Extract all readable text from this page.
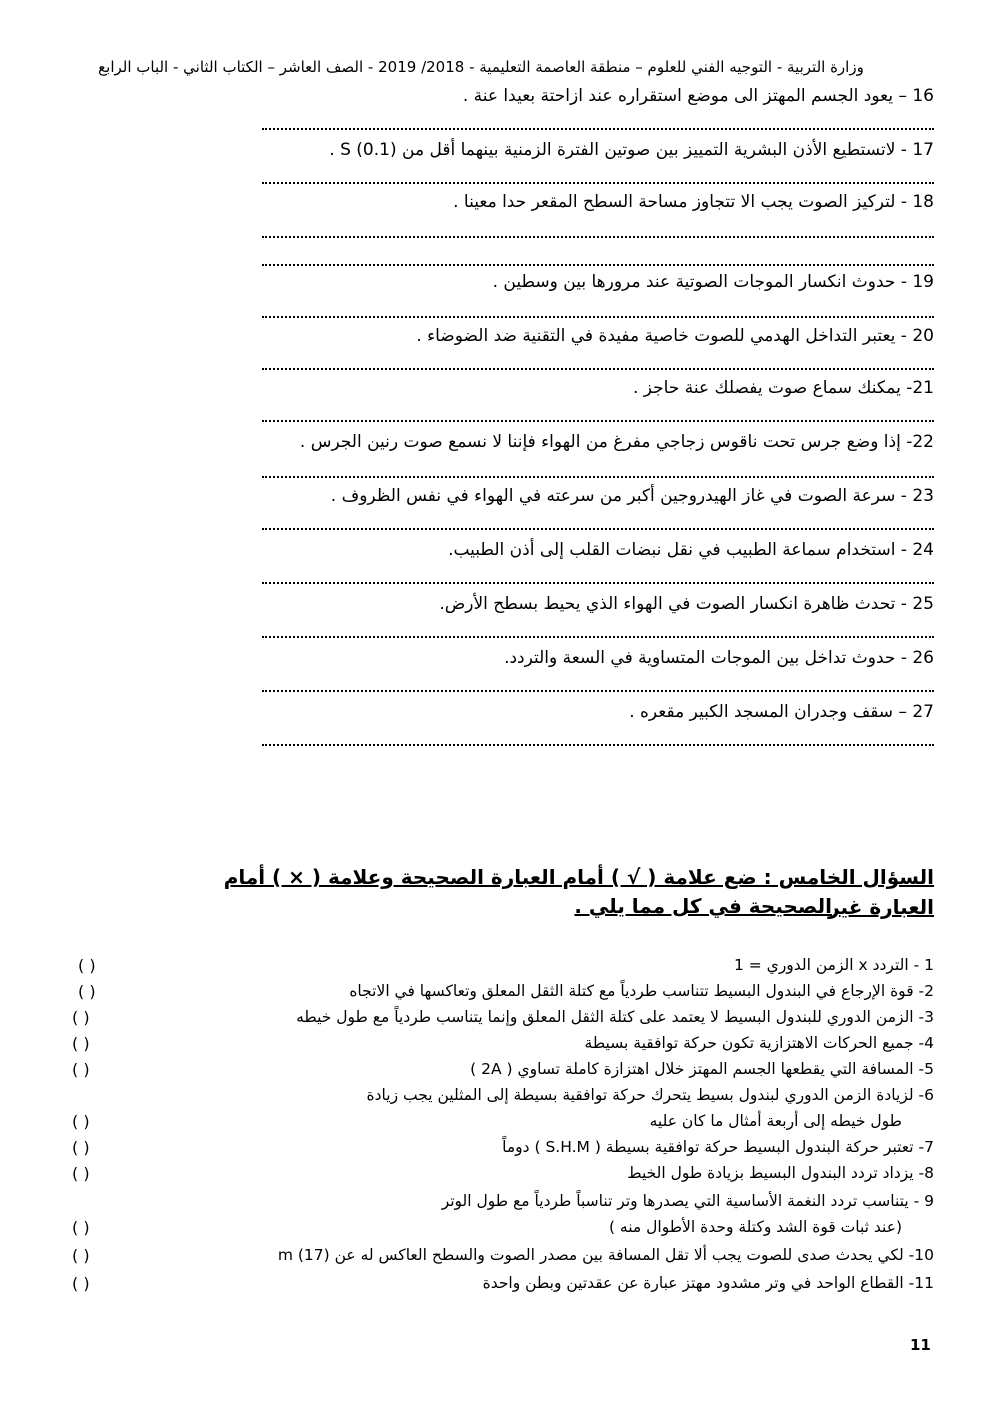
وزارة التربية - التوجيه الفني للعلوم – منطقة العاصمة التعليمية - 2018/ 2019 - الصف العاشر – الكتاب الثاني - الباب الرابع
16 – يعود الجسم المهتز الى موضع استقراره عند ازاحتة بعيدا عنة .
17 - لاتستطيع الأذن البشرية التمييز بين صوتين الفترة الزمنية بينهما أقل من S (0.1) .
18 - لتركيز الصوت يجب الا تتجاوز مساحة السطح المقعر حدا معينا .
19 - حدوث انكسار الموجات الصوتية عند مرورها بين وسطين .
20 - يعتبر التداخل الهدمي للصوت خاصية مفيدة في التقنية ضد الضوضاء .
21- يمكنك سماع صوت يفصلك عنة حاجز .
22- إذا وضع جرس تحت ناقوس زجاجي مفرغ من الهواء فإننا لا نسمع صوت رنين الجرس .
23 - سرعة الصوت في غاز الهيدروجين أكبر من سرعته في الهواء في نفس الظروف .
24 - استخدام سماعة الطبيب في نقل نبضات القلب إلى أذن الطبيب.
25 - تحدث ظاهرة انكسار الصوت في الهواء الذي يحيط بسطح الأرض.
26 - حدوث تداخل بين الموجات المتساوية في السعة والتردد.
27 – سقف وجدران المسجد الكبير مقعره .
السؤال الخامس : ضع علامة ( √ ) أمام العبارة الصحيحة وعلامة ( × ) أمام العبارة غير
الصحيحة في كل مما يلي .
1 - التردد x الزمن الدوري = 1
( )
2- قوة الإرجاع في البندول البسيط تتناسب طردياً مع كتلة الثقل المعلق وتعاكسها في الاتجاه
( )
3- الزمن الدوري للبندول البسيط لا يعتمد على كتلة الثقل المعلق وإنما يتناسب طردياً مع طول خيطه
( )
4- جميع الحركات الاهتزازية تكون حركة توافقية بسيطة
( )
5- المسافة التي يقطعها الجسم المهتز خلال اهتزازة كاملة تساوي ( 2A )
( )
6- لزيادة الزمن الدوري لبندول بسيط يتحرك حركة توافقية بسيطة إلى المثلين يجب زيادة
طول خيطه إلى أربعة أمثال ما كان عليه
( )
7- تعتبر حركة البندول البسيط حركة توافقية بسيطة ( S.H.M ) دوماً
( )
8- يزداد تردد البندول البسيط بزيادة طول الخيط
( )
9 - يتناسب تردد النغمة الأساسية التي يصدرها وتر تناسباً طردياً مع طول الوتر
(عند ثبات قوة الشد وكتلة وحدة الأطوال منه )
( )
10- لكي يحدث صدى للصوت يجب ألا تقل المسافة بين مصدر الصوت والسطح العاكس له عن (17) m
( )
11- القطاع الواحد في وتر مشدود مهتز عبارة عن عقدتين وبطن واحدة
( )
11
